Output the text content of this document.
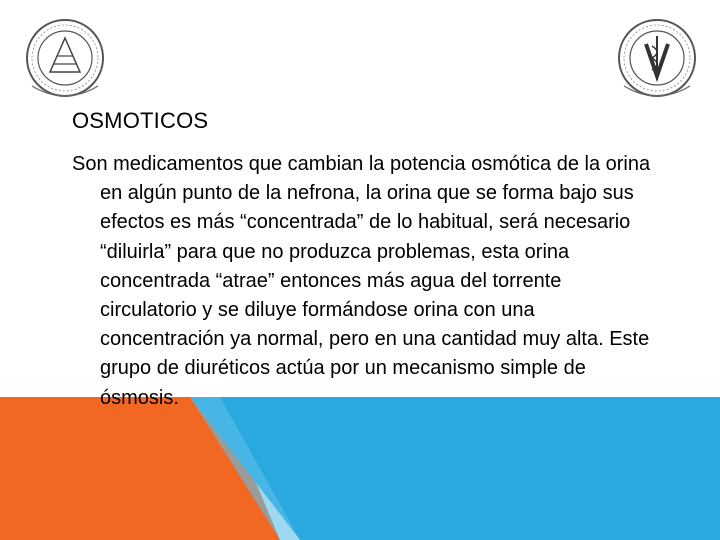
OSMOTICOS

Son medicamentos que cambian la potencia osmótica de la orina en algún punto de la nefrona, la orina que se forma bajo sus efectos es más “concentrada” de lo habitual, será necesario “diluirla” para que no produzca problemas, esta orina concentrada “atrae” entonces más agua del torrente circulatorio y se diluye formándose orina con una concentración ya normal, pero en una cantidad muy alta. Este grupo de diuréticos actúa por un mecanismo simple de ósmosis.
